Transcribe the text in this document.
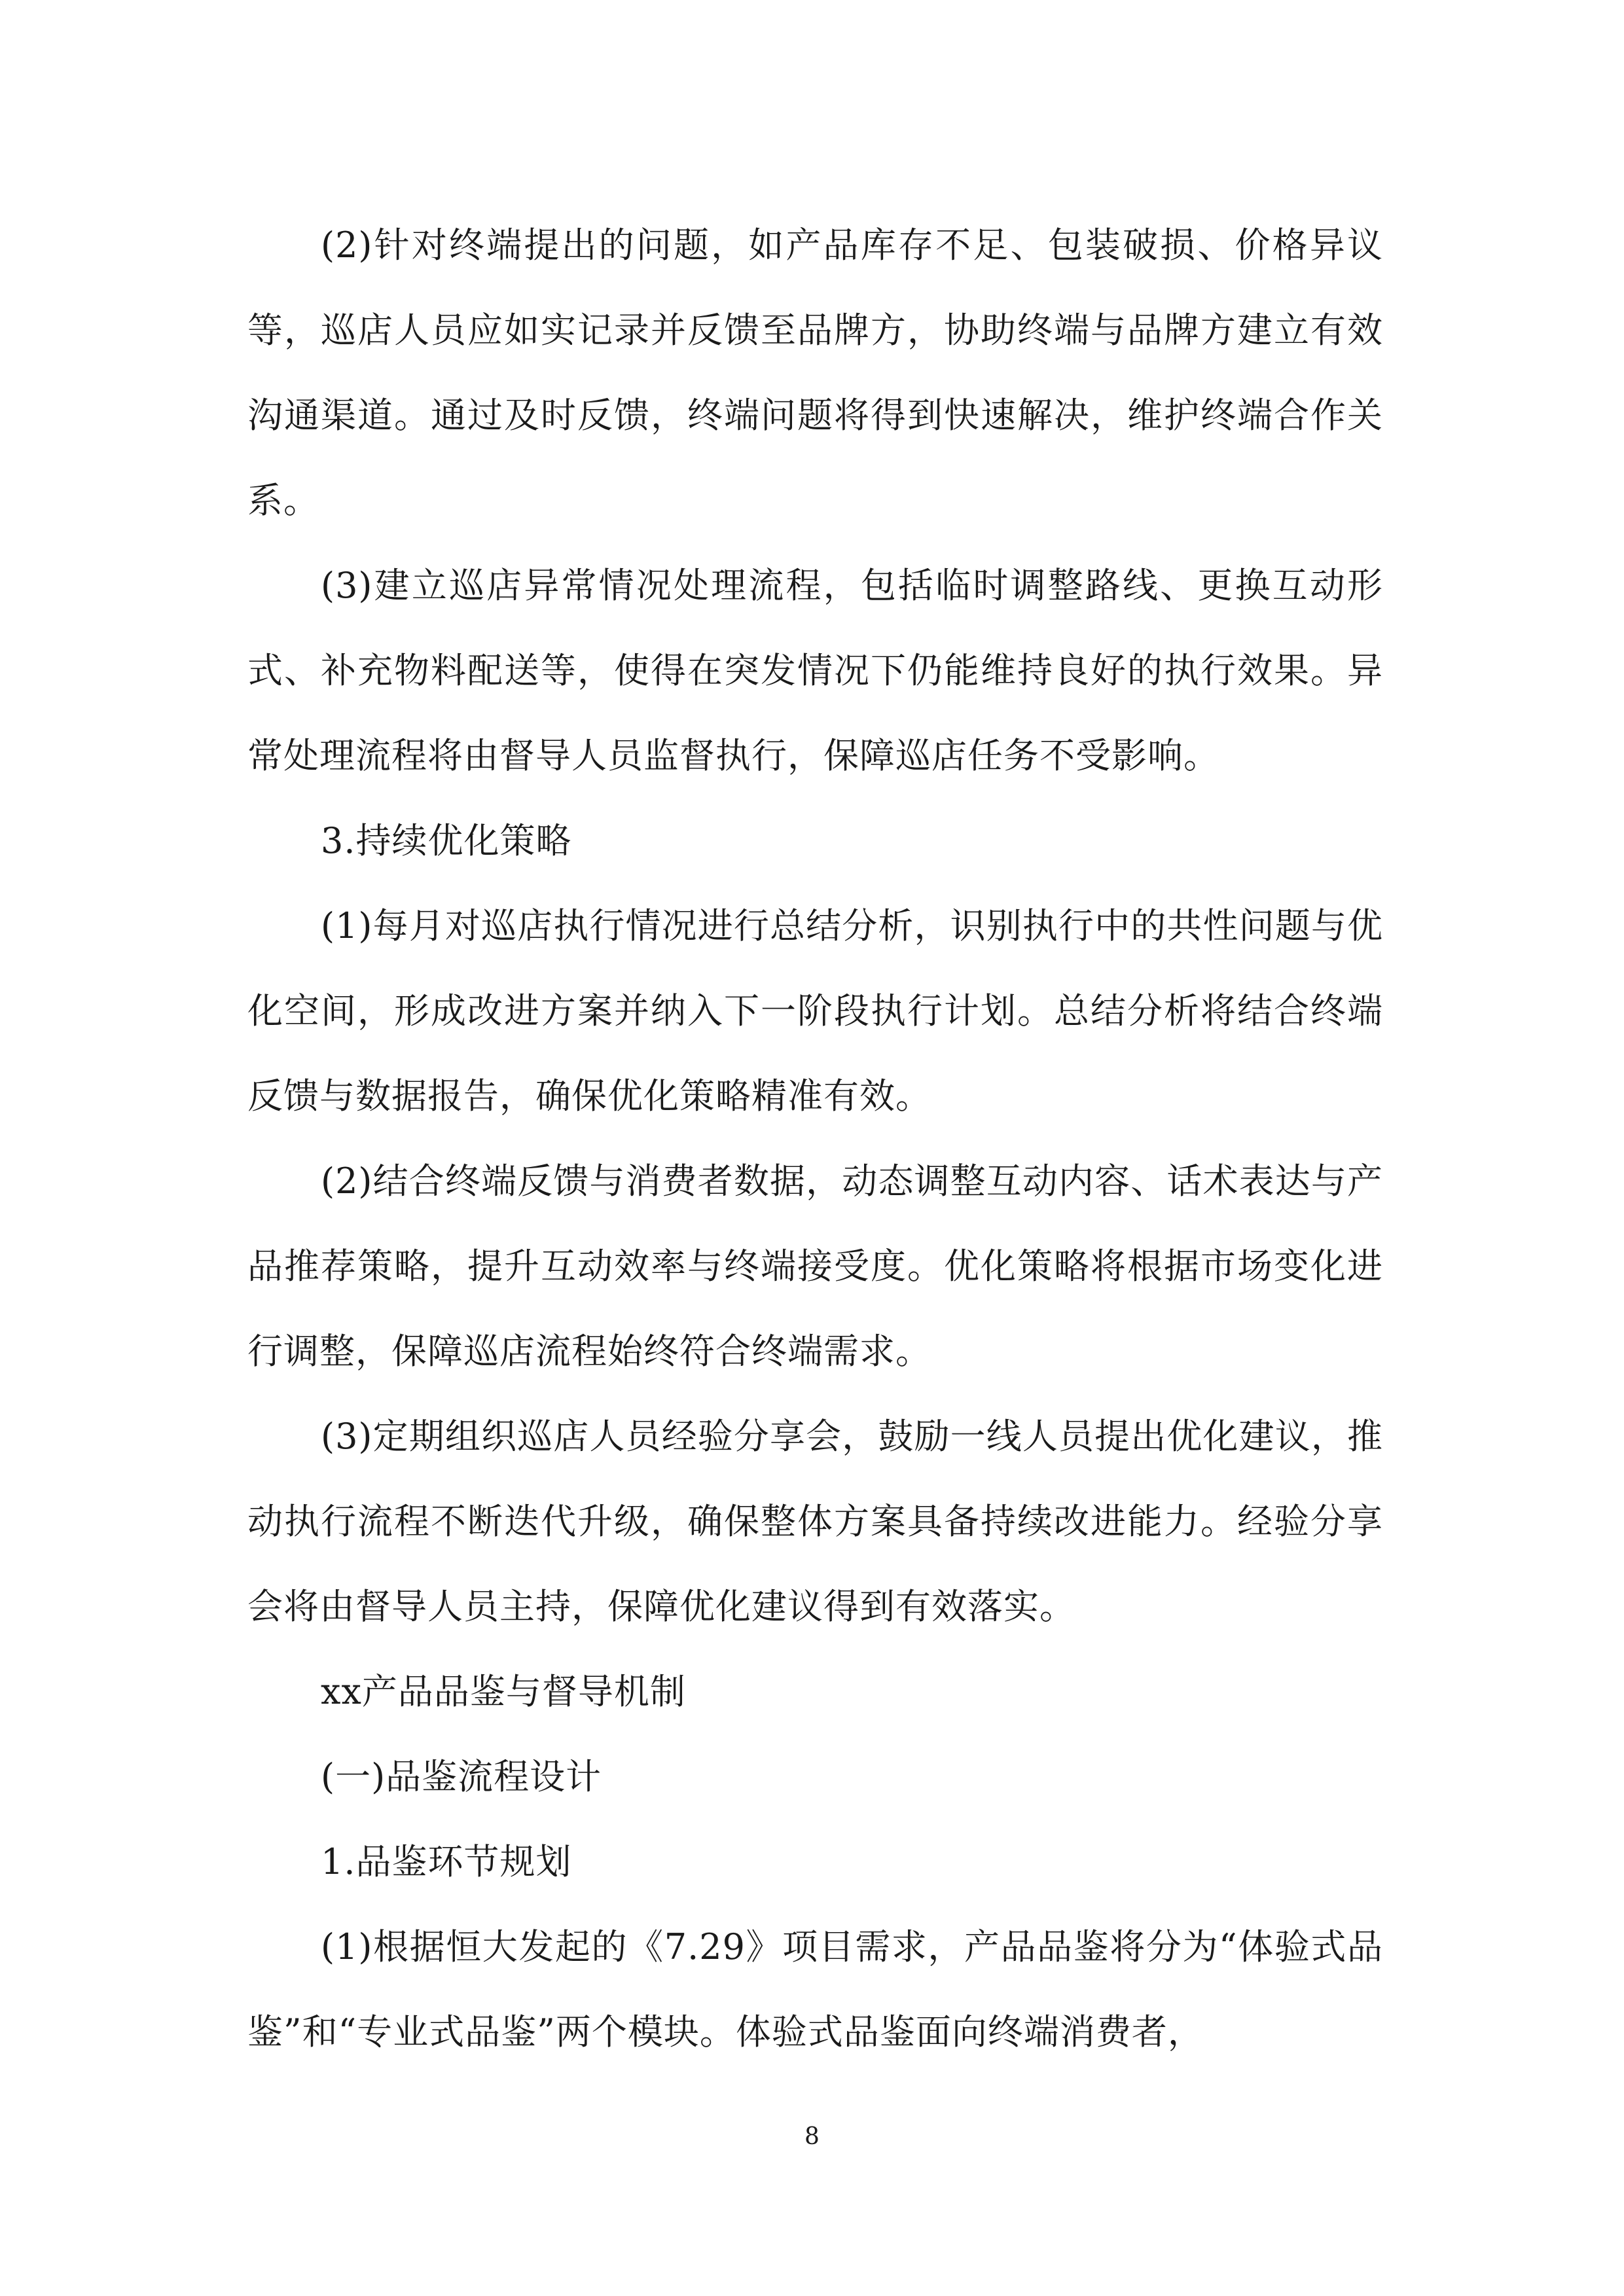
(2)针对终端提出的问题，如产品库存不足、包装破损、价格异议等，巡店人员应如实记录并反馈至品牌方，协助终端与品牌方建立有效沟通渠道。通过及时反馈，终端问题将得到快速解决，维护终端合作关系。

(3)建立巡店异常情况处理流程，包括临时调整路线、更换互动形式、补充物料配送等，使得在突发情况下仍能维持良好的执行效果。异常处理流程将由督导人员监督执行，保障巡店任务不受影响。

3.持续优化策略

(1)每月对巡店执行情况进行总结分析，识别执行中的共性问题与优化空间，形成改进方案并纳入下一阶段执行计划。总结分析将结合终端反馈与数据报告，确保优化策略精准有效。

(2)结合终端反馈与消费者数据，动态调整互动内容、话术表达与产品推荐策略，提升互动效率与终端接受度。优化策略将根据市场变化进行调整，保障巡店流程始终符合终端需求。

(3)定期组织巡店人员经验分享会，鼓励一线人员提出优化建议，推动执行流程不断迭代升级，确保整体方案具备持续改进能力。经验分享会将由督导人员主持，保障优化建议得到有效落实。

xx产品品鉴与督导机制

(一)品鉴流程设计

1.品鉴环节规划

(1)根据恒大发起的《7.29》项目需求，产品品鉴将分为“体验式品鉴”和“专业式品鉴”两个模块。体验式品鉴面向终端消费者，

8
